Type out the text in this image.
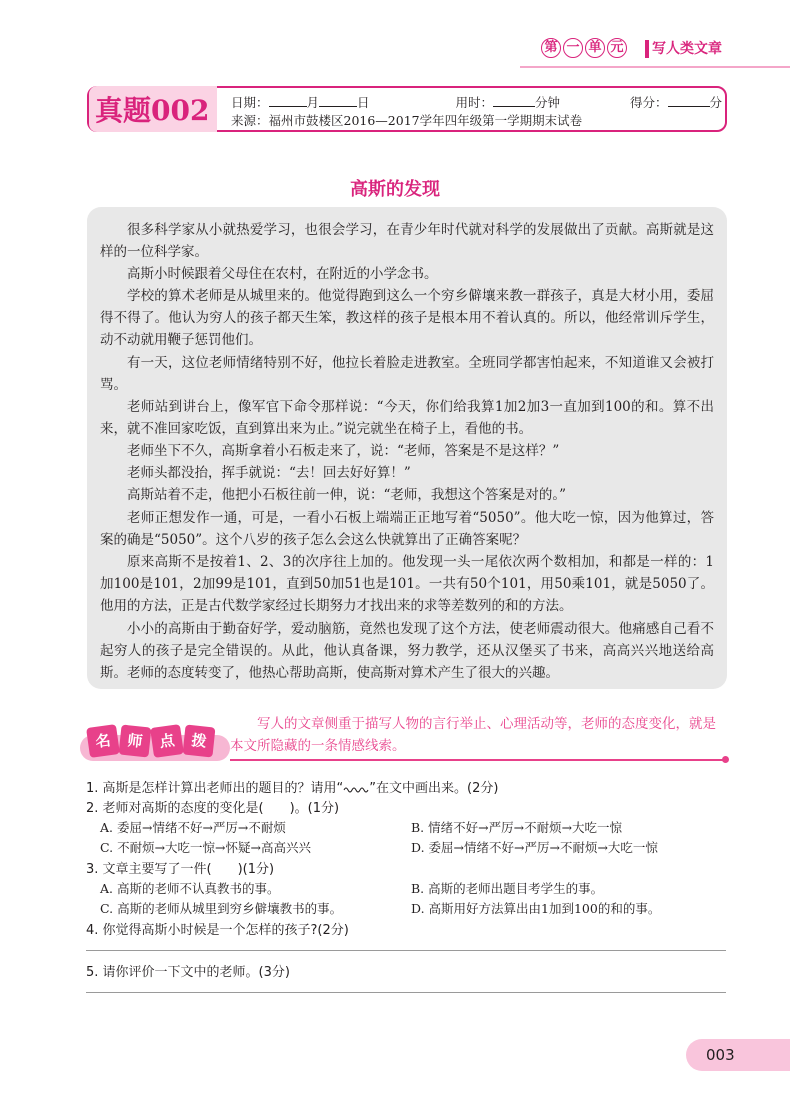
第 一 单 元 写人类文章
真题002 日期：	月	日	用时：	分钟	得分：	分
来源：福州市鼓楼区2016—2017学年四年级第一学期期末试卷
高斯的发现

很多科学家从小就热爱学习，也很会学习，在青少年时代就对科学的发展做出了贡献。高斯就是这样的一位科学家。

高斯小时候跟着父母住在农村，在附近的小学念书。

学校的算术老师是从城里来的。他觉得跑到这么一个穷乡僻壤来教一群孩子，真是大材小用，委屈得不得了。他认为穷人的孩子都天生笨，教这样的孩子是根本用不着认真的。所以，他经常训斥学生，动不动就用鞭子惩罚他们。

有一天，这位老师情绪特别不好，他拉长着脸走进教室。全班同学都害怕起来，不知道谁又会被打骂。

老师站到讲台上，像军官下命令那样说：“今天，你们给我算1加2加3一直加到100的和。算不出来，就不准回家吃饭，直到算出来为止。”说完就坐在椅子上，看他的书。

老师坐下不久，高斯拿着小石板走来了，说：“老师，答案是不是这样？”

老师头都没抬，挥手就说：“去！回去好好算！”

高斯站着不走，他把小石板往前一伸，说：“老师，我想这个答案是对的。”

老师正想发作一通，可是，一看小石板上端端正正地写着“5050”。他大吃一惊，因为他算过，答案的确是“5050”。这个八岁的孩子怎么会这么快就算出了正确答案呢？

原来高斯不是按着1、2、3的次序往上加的。他发现一头一尾依次两个数相加，和都是一样的：1加100是101，2加99是101，直到50加51也是101。一共有50个101，用50乘101，就是5050了。他用的方法，正是古代数学家经过长期努力才找出来的求等差数列的和的方法。

小小的高斯由于勤奋好学，爱动脑筋，竟然也发现了这个方法，使老师震动很大。他痛感自己看不起穷人的孩子是完全错误的。从此，他认真备课，努力教学，还从汉堡买了书来，高高兴兴地送给高斯。 老师的态度转变了，他热心帮助高斯，使高斯对算术产生了很大的兴趣。

名 师 点 拨
写人的文章侧重于描写人物的言行举止、心理活动等，老师的态度变化，就是本文所隐藏的一条情感线索。
1. 高斯是怎样计算出老师出的题目的？请用“ ”在文中画出来。(2分)
2. 老师对高斯的态度的变化是(　　)。(1分)
A. 委屈→情绪不好→严厉→不耐烦	B. 情绪不好→严厉→不耐烦→大吃一惊
C. 不耐烦→大吃一惊→怀疑→高高兴兴	D. 委屈→情绪不好→严厉→不耐烦→大吃一惊
3. 文章主要写了一件(　　)(1分)
A. 高斯的老师不认真教书的事。	B. 高斯的老师出题目考学生的事。
C. 高斯的老师从城里到穷乡僻壤教书的事。	D. 高斯用好方法算出由1加到100的和的事。
4. 你觉得高斯小时候是一个怎样的孩子?(2分)
5. 请你评价一下文中的老师。(3分)
003
